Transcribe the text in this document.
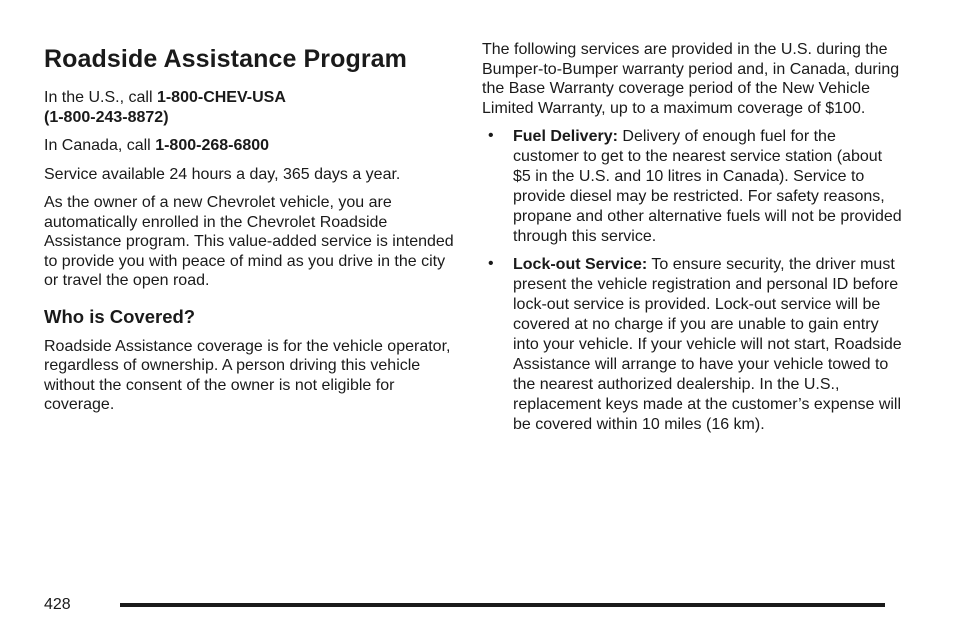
Roadside Assistance Program

In the U.S., call 1-800-CHEV-USA
(1-800-243-8872)

In Canada, call 1-800-268-6800

Service available 24 hours a day, 365 days a year.

As the owner of a new Chevrolet vehicle, you are automatically enrolled in the Chevrolet Roadside Assistance program. This value-added service is intended to provide you with peace of mind as you drive in the city or travel the open road.

Who is Covered?

Roadside Assistance coverage is for the vehicle operator, regardless of ownership. A person driving this vehicle without the consent of the owner is not eligible for coverage.

The following services are provided in the U.S. during the Bumper-to-Bumper warranty period and, in Canada, during the Base Warranty coverage period of the New Vehicle Limited Warranty, up to a maximum coverage of $100.

• Fuel Delivery: Delivery of enough fuel for the customer to get to the nearest service station (about $5 in the U.S. and 10 litres in Canada). Service to provide diesel may be restricted. For safety reasons, propane and other alternative fuels will not be provided through this service.
• Lock-out Service: To ensure security, the driver must present the vehicle registration and personal ID before lock-out service is provided. Lock-out service will be covered at no charge if you are unable to gain entry into your vehicle. If your vehicle will not start, Roadside Assistance will arrange to have your vehicle towed to the nearest authorized dealership. In the U.S., replacement keys made at the customer’s expense will be covered within 10 miles (16 km).
428
